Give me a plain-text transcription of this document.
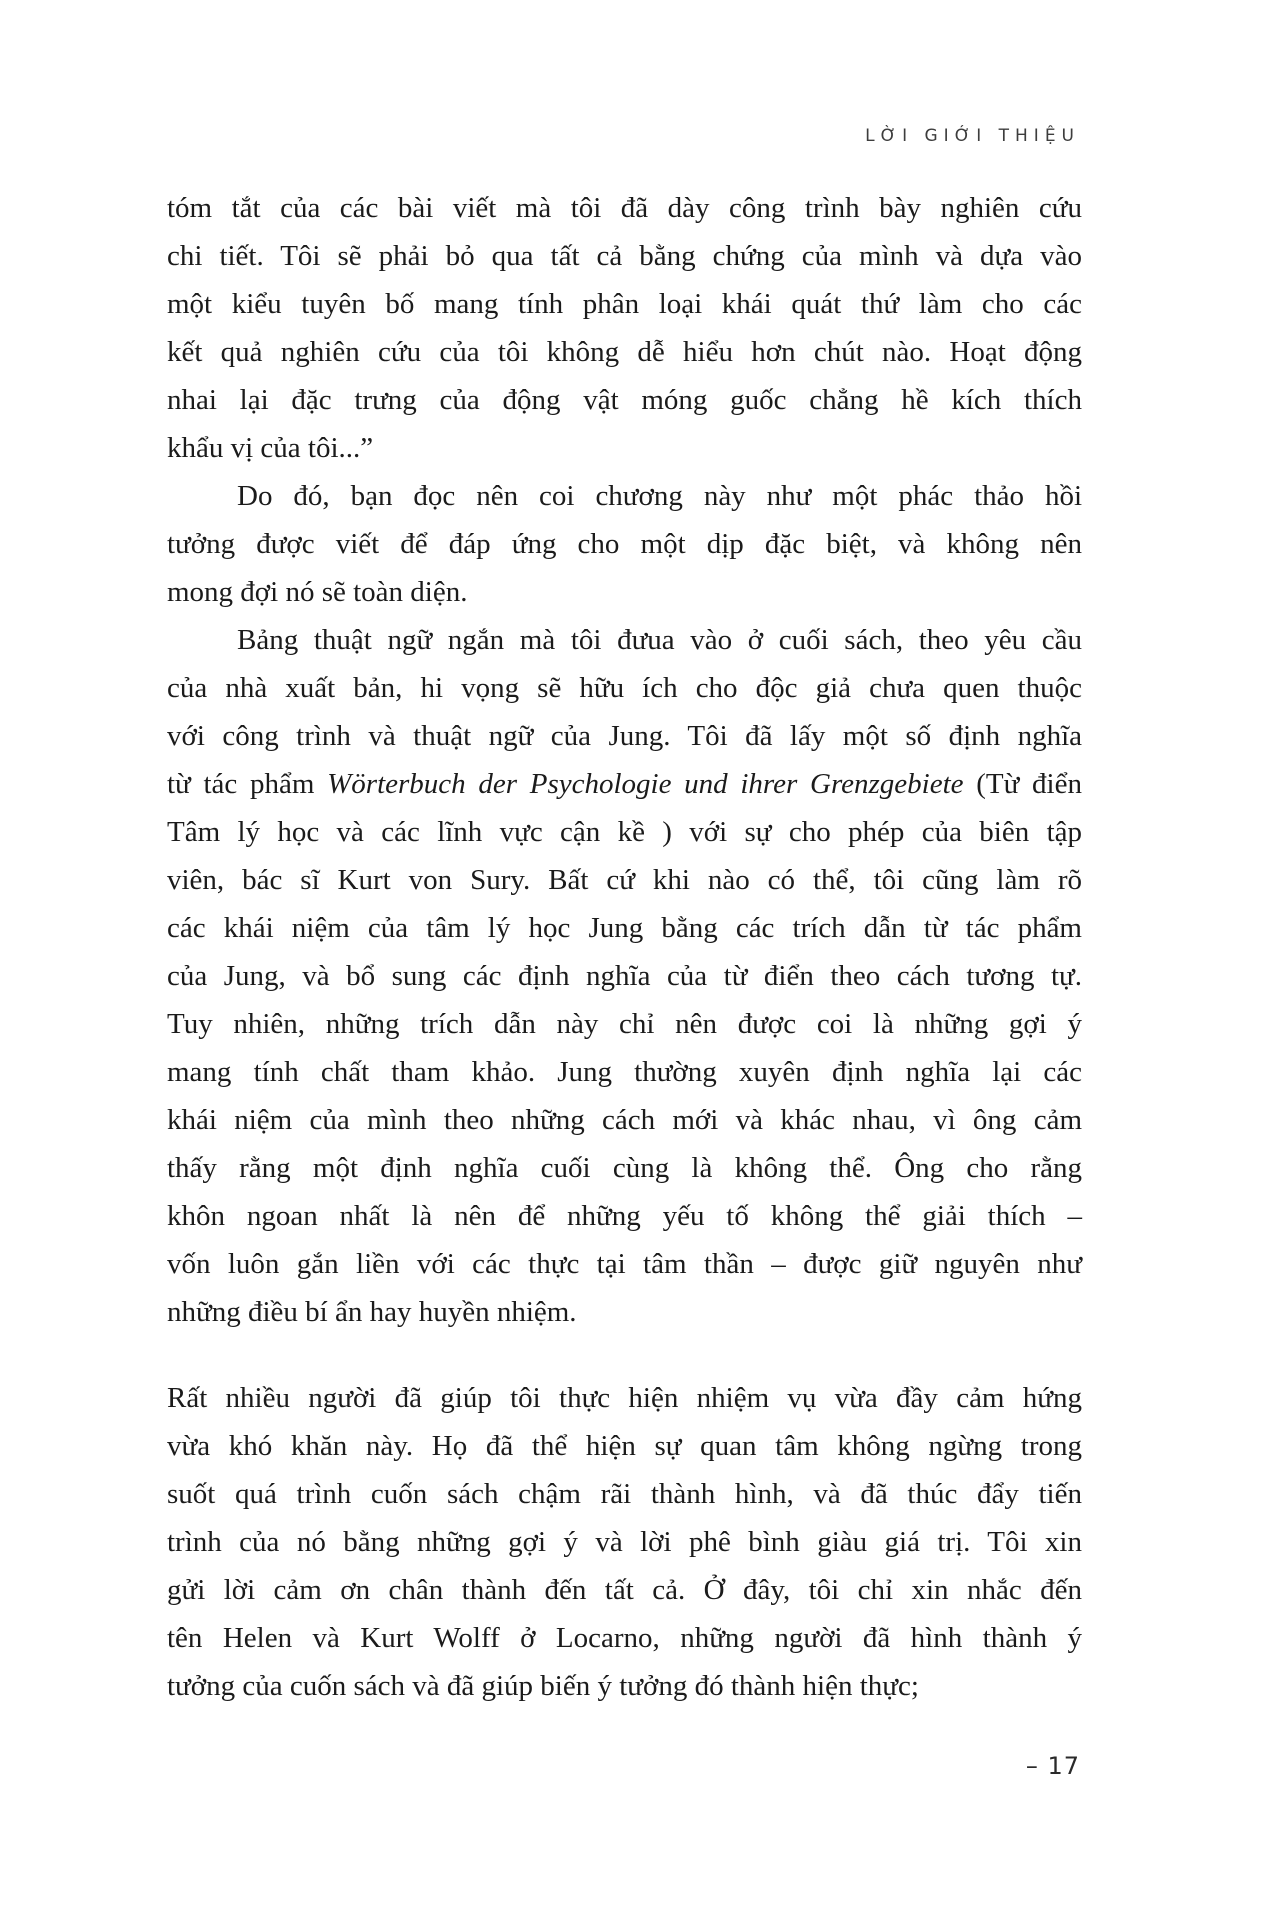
LỜI GIỚI THIỆU
tóm tắt của các bài viết mà tôi đã dày công trình bày nghiên cứu
chi tiết. Tôi sẽ phải bỏ qua tất cả bằng chứng của mình và dựa vào
một kiểu tuyên bố mang tính phân loại khái quát thứ làm cho các
kết quả nghiên cứu của tôi không dễ hiểu hơn chút nào. Hoạt động
nhai lại đặc trưng của động vật móng guốc chẳng hề kích thích
khẩu vị của tôi...”
Do đó, bạn đọc nên coi chương này như một phác thảo hồi
tưởng được viết để đáp ứng cho một dịp đặc biệt, và không nên
mong đợi nó sẽ toàn diện.
Bảng thuật ngữ ngắn mà tôi đưua vào ở cuối sách, theo yêu cầu
của nhà xuất bản, hi vọng sẽ hữu ích cho độc giả chưa quen thuộc
với công trình và thuật ngữ của Jung. Tôi đã lấy một số định nghĩa
từ tác phẩm Wörterbuch der Psychologie und ihrer Grenzgebiete (Từ điển
Tâm lý học và các lĩnh vực cận kề ) với sự cho phép của biên tập
viên, bác sĩ Kurt von Sury. Bất cứ khi nào có thể, tôi cũng làm rõ
các khái niệm của tâm lý học Jung bằng các trích dẫn từ tác phẩm
của Jung, và bổ sung các định nghĩa của từ điển theo cách tương tự.
Tuy nhiên, những trích dẫn này chỉ nên được coi là những gợi ý
mang tính chất tham khảo. Jung thường xuyên định nghĩa lại các
khái niệm của mình theo những cách mới và khác nhau, vì ông cảm
thấy rằng một định nghĩa cuối cùng là không thể. Ông cho rằng
khôn ngoan nhất là nên để những yếu tố không thể giải thích –
vốn luôn gắn liền với các thực tại tâm thần – được giữ nguyên như
những điều bí ẩn hay huyền nhiệm.
Rất nhiều người đã giúp tôi thực hiện nhiệm vụ vừa đầy cảm hứng
vừa khó khăn này. Họ đã thể hiện sự quan tâm không ngừng trong
suốt quá trình cuốn sách chậm rãi thành hình, và đã thúc đẩy tiến
trình của nó bằng những gợi ý và lời phê bình giàu giá trị. Tôi xin
gửi lời cảm ơn chân thành đến tất cả. Ở đây, tôi chỉ xin nhắc đến
tên Helen và Kurt Wolff ở Locarno, những người đã hình thành ý
tưởng của cuốn sách và đã giúp biến ý tưởng đó thành hiện thực;
– 17
